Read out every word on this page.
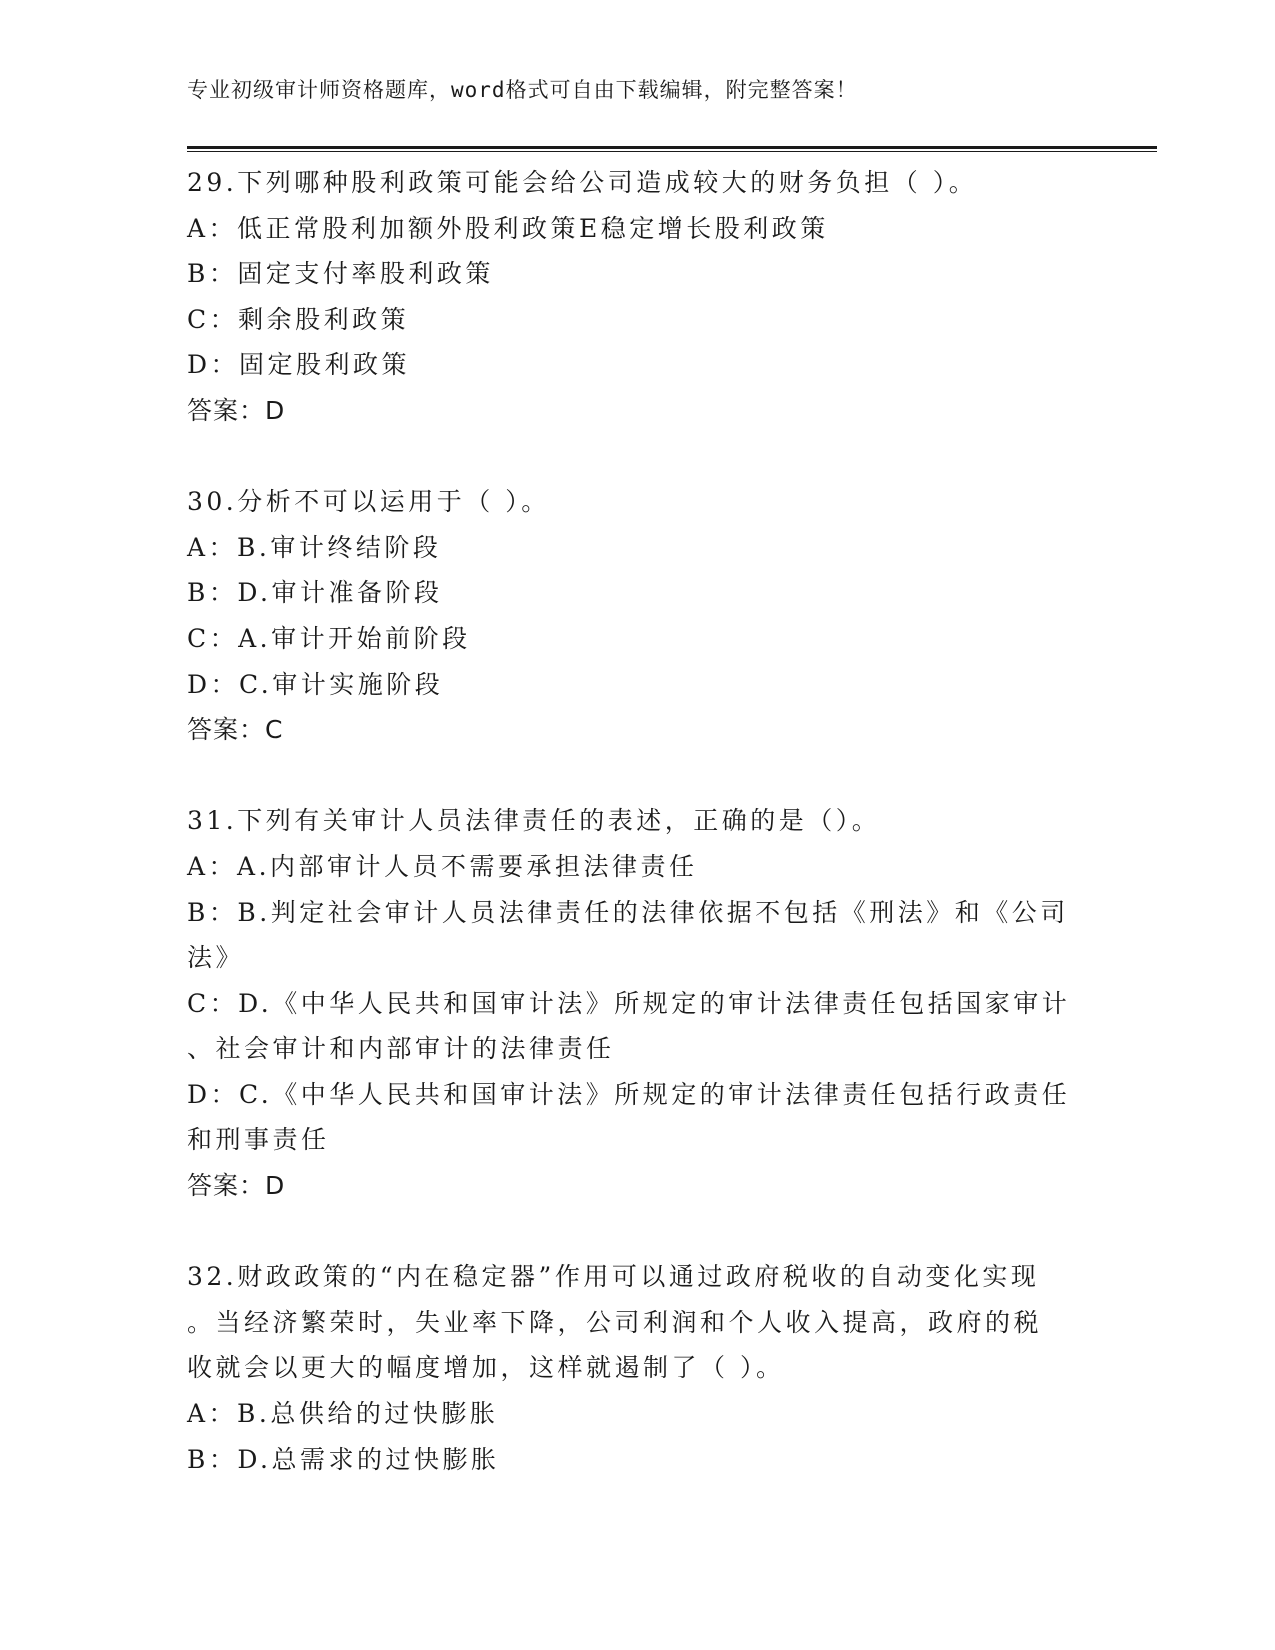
专业初级审计师资格题库，word格式可自由下载编辑，附完整答案！
29.下列哪种股利政策可能会给公司造成较大的财务负担（ ）。
A：低正常股利加额外股利政策E稳定增长股利政策
B：固定支付率股利政策
C：剩余股利政策
D：固定股利政策
答案：D
30.分析不可以运用于（ ）。
A：B.审计终结阶段
B：D.审计准备阶段
C：A.审计开始前阶段
D：C.审计实施阶段
答案：C
31.下列有关审计人员法律责任的表述，正确的是（）。
A：A.内部审计人员不需要承担法律责任
B：B.判定社会审计人员法律责任的法律依据不包括《刑法》和《公司
法》
C：D.《中华人民共和国审计法》所规定的审计法律责任包括国家审计
、社会审计和内部审计的法律责任
D：C.《中华人民共和国审计法》所规定的审计法律责任包括行政责任
和刑事责任
答案：D
32.财政政策的“内在稳定器”作用可以通过政府税收的自动变化实现
。当经济繁荣时，失业率下降，公司利润和个人收入提高，政府的税
收就会以更大的幅度增加，这样就遏制了（ ）。
A：B.总供给的过快膨胀
B：D.总需求的过快膨胀
